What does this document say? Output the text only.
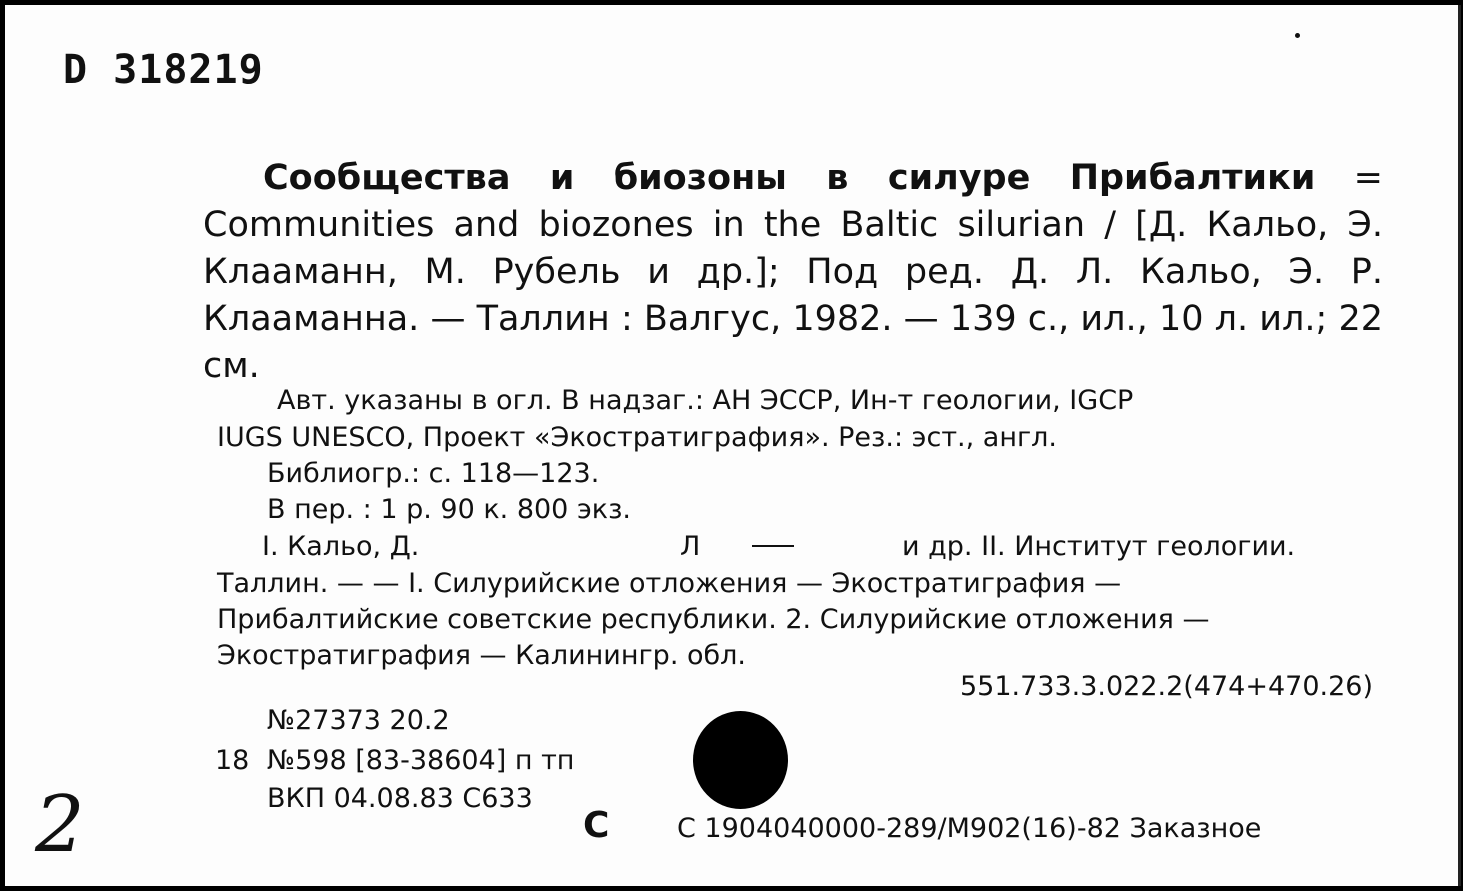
D 318219
Сообщества и биозоны в силуре Прибалтики = Communities and biozones in the Baltic silurian / [Д. Кальо, Э. Клааманн, М. Рубель и др.]; Под ред. Д. Л. Кальо, Э. Р. Клааманна. — Таллин : Валгус, 1982. — 139 с., ил., 10 л. ил.; 22 см.
Авт. указаны в огл. В надзаг.: АН ЭССР, Ин-т геологии, IGCP
IUGS UNESCO, Проект «Экостратиграфия». Рез.: эст., англ.
Библиогр.: с. 118—123.
В пер. : 1 р. 90 к. 800 экз.
I. Кальо, Д.	Л	и др. II. Институт геологии.
Таллин. — — I. Силурийские отложения — Экостратиграфия —
Прибалтийские советские республики. 2. Силурийские отложения —
Экостратиграфия — Калинингр. обл.
551.733.3.022.2(474+470.26)
№27373 20.2
18 №598 [83-38604] п тп
ВКП 04.08.83 С633
С	С 1904040000-289/М902(16)-82 Заказное
2
